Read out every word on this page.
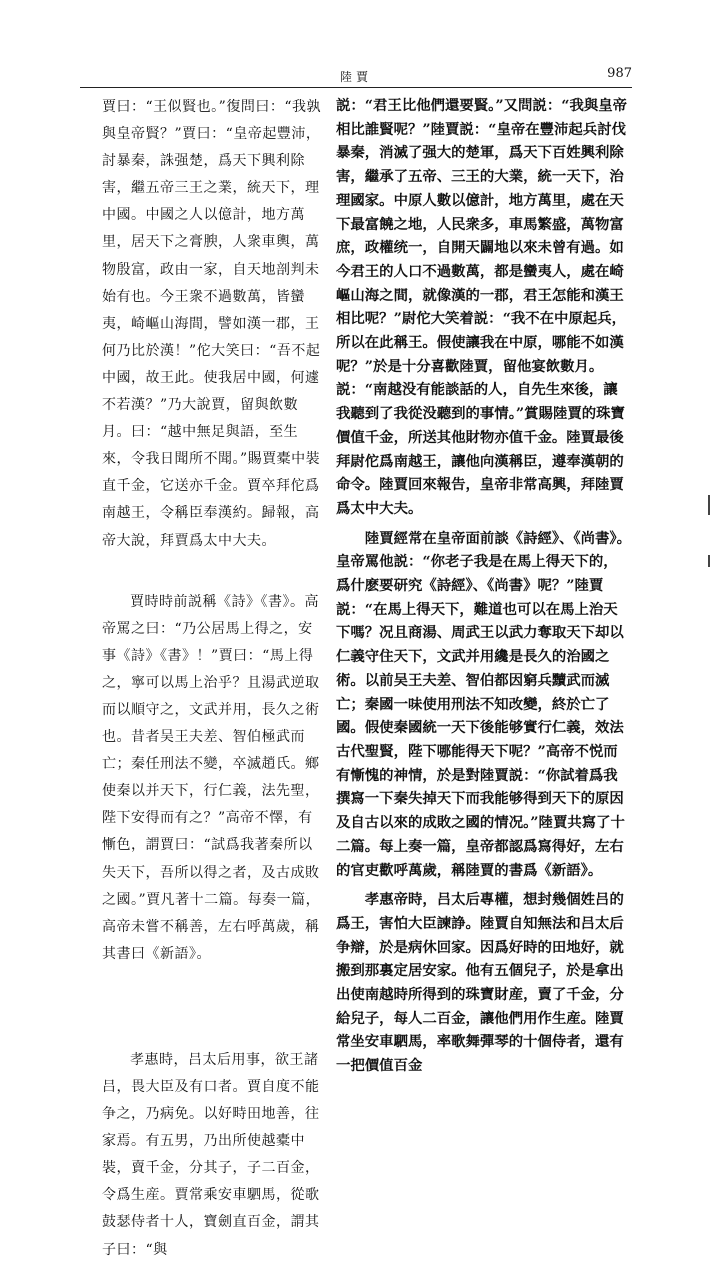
陸賈	987

賈曰：“王似賢也。”復問曰：“我孰與皇帝賢？”賈曰：“皇帝起豐沛，討暴秦，誅强楚，爲天下興利除害，繼五帝三王之業，統天下，理中國。中國之人以億計，地方萬里，居天下之膏腴，人衆車輿，萬物殷富，政由一家，自天地剖判未始有也。今王衆不過數萬，皆蠻夷，崎嶇山海間，譬如漢一郡，王何乃比於漢！”佗大笑曰：“吾不起中國，故王此。使我居中國，何遽不若漢？”乃大說賈，留與飲數月。曰：“越中無足與語，至生來，令我日聞所不聞。”賜賈橐中裝直千金，它送亦千金。賈卒拜佗爲南越王，令稱臣奉漢約。歸報，高帝大說，拜賈爲太中大夫。

賈時時前説稱《詩》《書》。高帝罵之曰：“乃公居馬上得之，安事《詩》《書》！”賈曰：“馬上得之，寧可以馬上治乎？且湯武逆取而以順守之，文武并用，長久之術也。昔者吴王夫差、智伯極武而亡；秦任刑法不變，卒滅趙氏。鄉使秦以并天下，行仁義，法先聖，陛下安得而有之？”高帝不懌，有慚色，謂賈曰：“試爲我著秦所以失天下，吾所以得之者，及古成敗之國。”賈凡著十二篇。每奏一篇，高帝未嘗不稱善，左右呼萬歲，稱其書曰《新語》。

孝惠時，吕太后用事，欲王諸吕，畏大臣及有口者。賈自度不能争之，乃病免。以好畤田地善，往家焉。有五男，乃出所使越橐中裝，賣千金，分其子，子二百金，令爲生産。賈常乘安車駟馬，從歌鼓瑟侍者十人，寶劍直百金，謂其子曰：“與

説：“君王比他們還要賢。”又問説：“我與皇帝相比誰賢呢？”陸賈説：“皇帝在豐沛起兵討伐暴秦，消滅了强大的楚軍，爲天下百姓興利除害，繼承了五帝、三王的大業，統一天下，治理國家。中原人數以億計，地方萬里，處在天下最富饒之地，人民衆多，車馬繁盛，萬物富庶，政權统一，自開天闢地以來未曾有過。如今君王的人口不過數萬，都是蠻夷人，處在崎嶇山海之間，就像漢的一郡，君王怎能和漢王相比呢？”尉佗大笑着説：“我不在中原起兵，所以在此稱王。假使讓我在中原，哪能不如漢呢？”於是十分喜歡陸賈，留他宴飲數月。説：“南越没有能談話的人，自先生來後，讓我聽到了我從没聽到的事情。”賞賜陸賈的珠寶價值千金，所送其他財物亦值千金。陸賈最後拜尉佗爲南越王，讓他向漢稱臣，遵奉漢朝的命令。陸賈回來報告，皇帝非常高興，拜陸賈爲太中大夫。

陸賈經常在皇帝面前談《詩經》、《尚書》。皇帝罵他説：“你老子我是在馬上得天下的，爲什麽要研究《詩經》、《尚書》呢？”陸賈説：“在馬上得天下，難道也可以在馬上治天下嗎？况且商湯、周武王以武力奪取天下却以仁義守住天下，文武并用纔是長久的治國之術。以前吴王夫差、智伯都因窮兵黷武而滅亡；秦國一味使用刑法不知改變，終於亡了國。假使秦國統一天下後能够實行仁義，效法古代聖賢，陛下哪能得天下呢？”高帝不悦而有慚愧的神情，於是對陸賈説：“你試着爲我撰寫一下秦失掉天下而我能够得到天下的原因及自古以來的成敗之國的情况。”陸賈共寫了十二篇。每上奏一篇，皇帝都認爲寫得好，左右的官吏歡呼萬歲，稱陸賈的書爲《新語》。

孝惠帝時，吕太后專權，想封幾個姓吕的爲王，害怕大臣諫諍。陸賈自知無法和吕太后争辯，於是病休回家。因爲好時的田地好，就搬到那裏定居安家。他有五個兒子，於是拿出出使南越時所得到的珠寶財産，賣了千金，分給兒子，每人二百金，讓他們用作生産。陸賈常坐安車駟馬，率歌舞彈琴的十個侍者，還有一把價值百金
